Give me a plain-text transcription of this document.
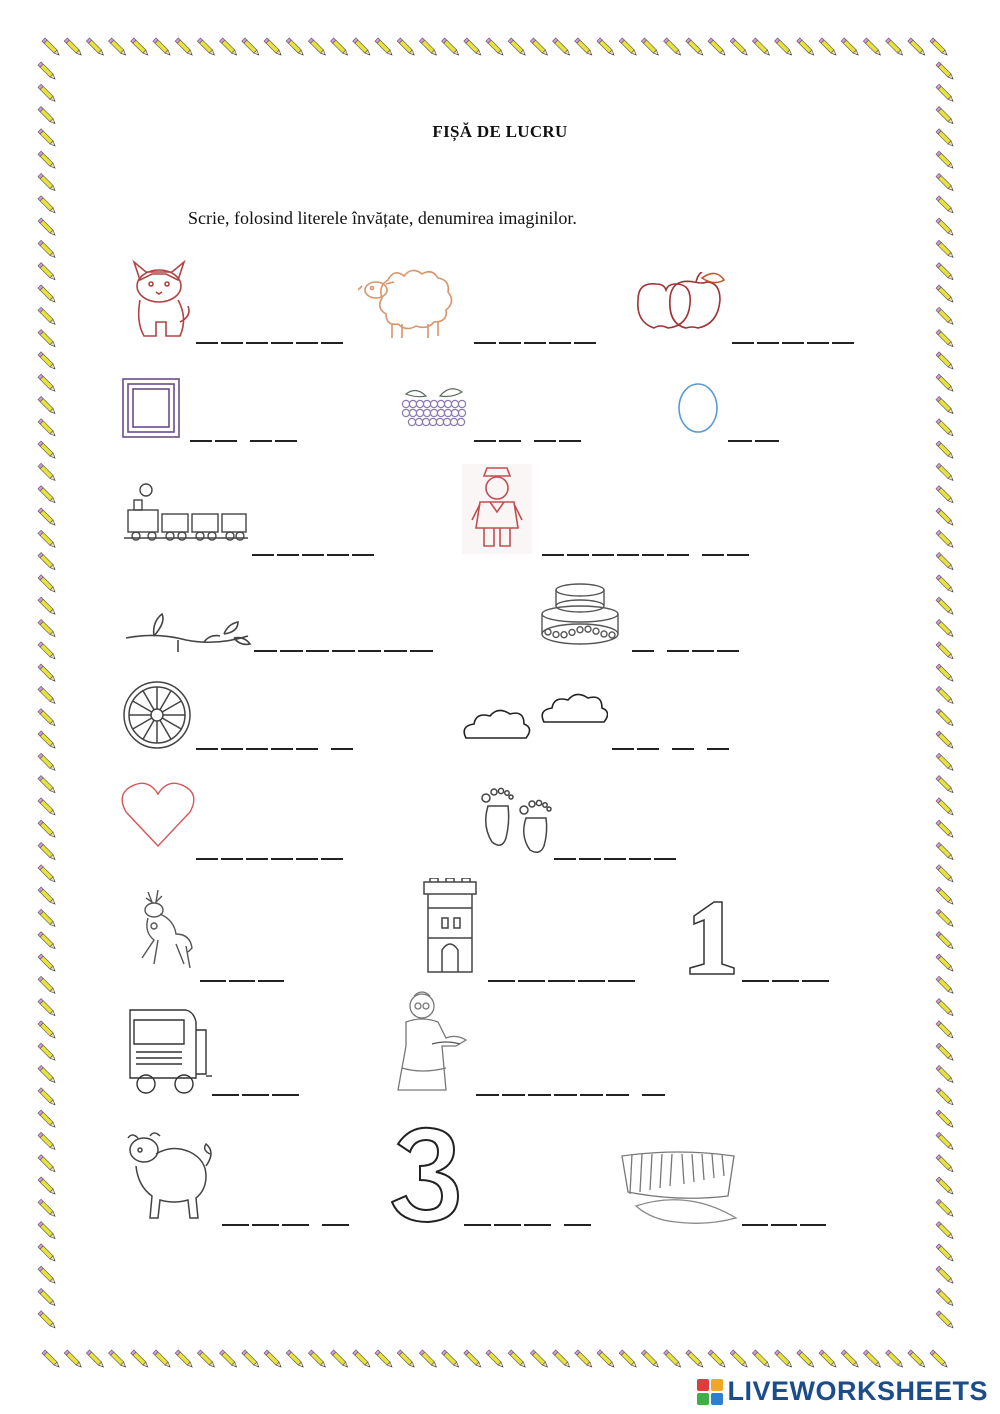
FIȘĂ DE LUCRU
Scrie, folosind literele învățate, denumirea imaginilor.
LIVEWORKSHEETS
